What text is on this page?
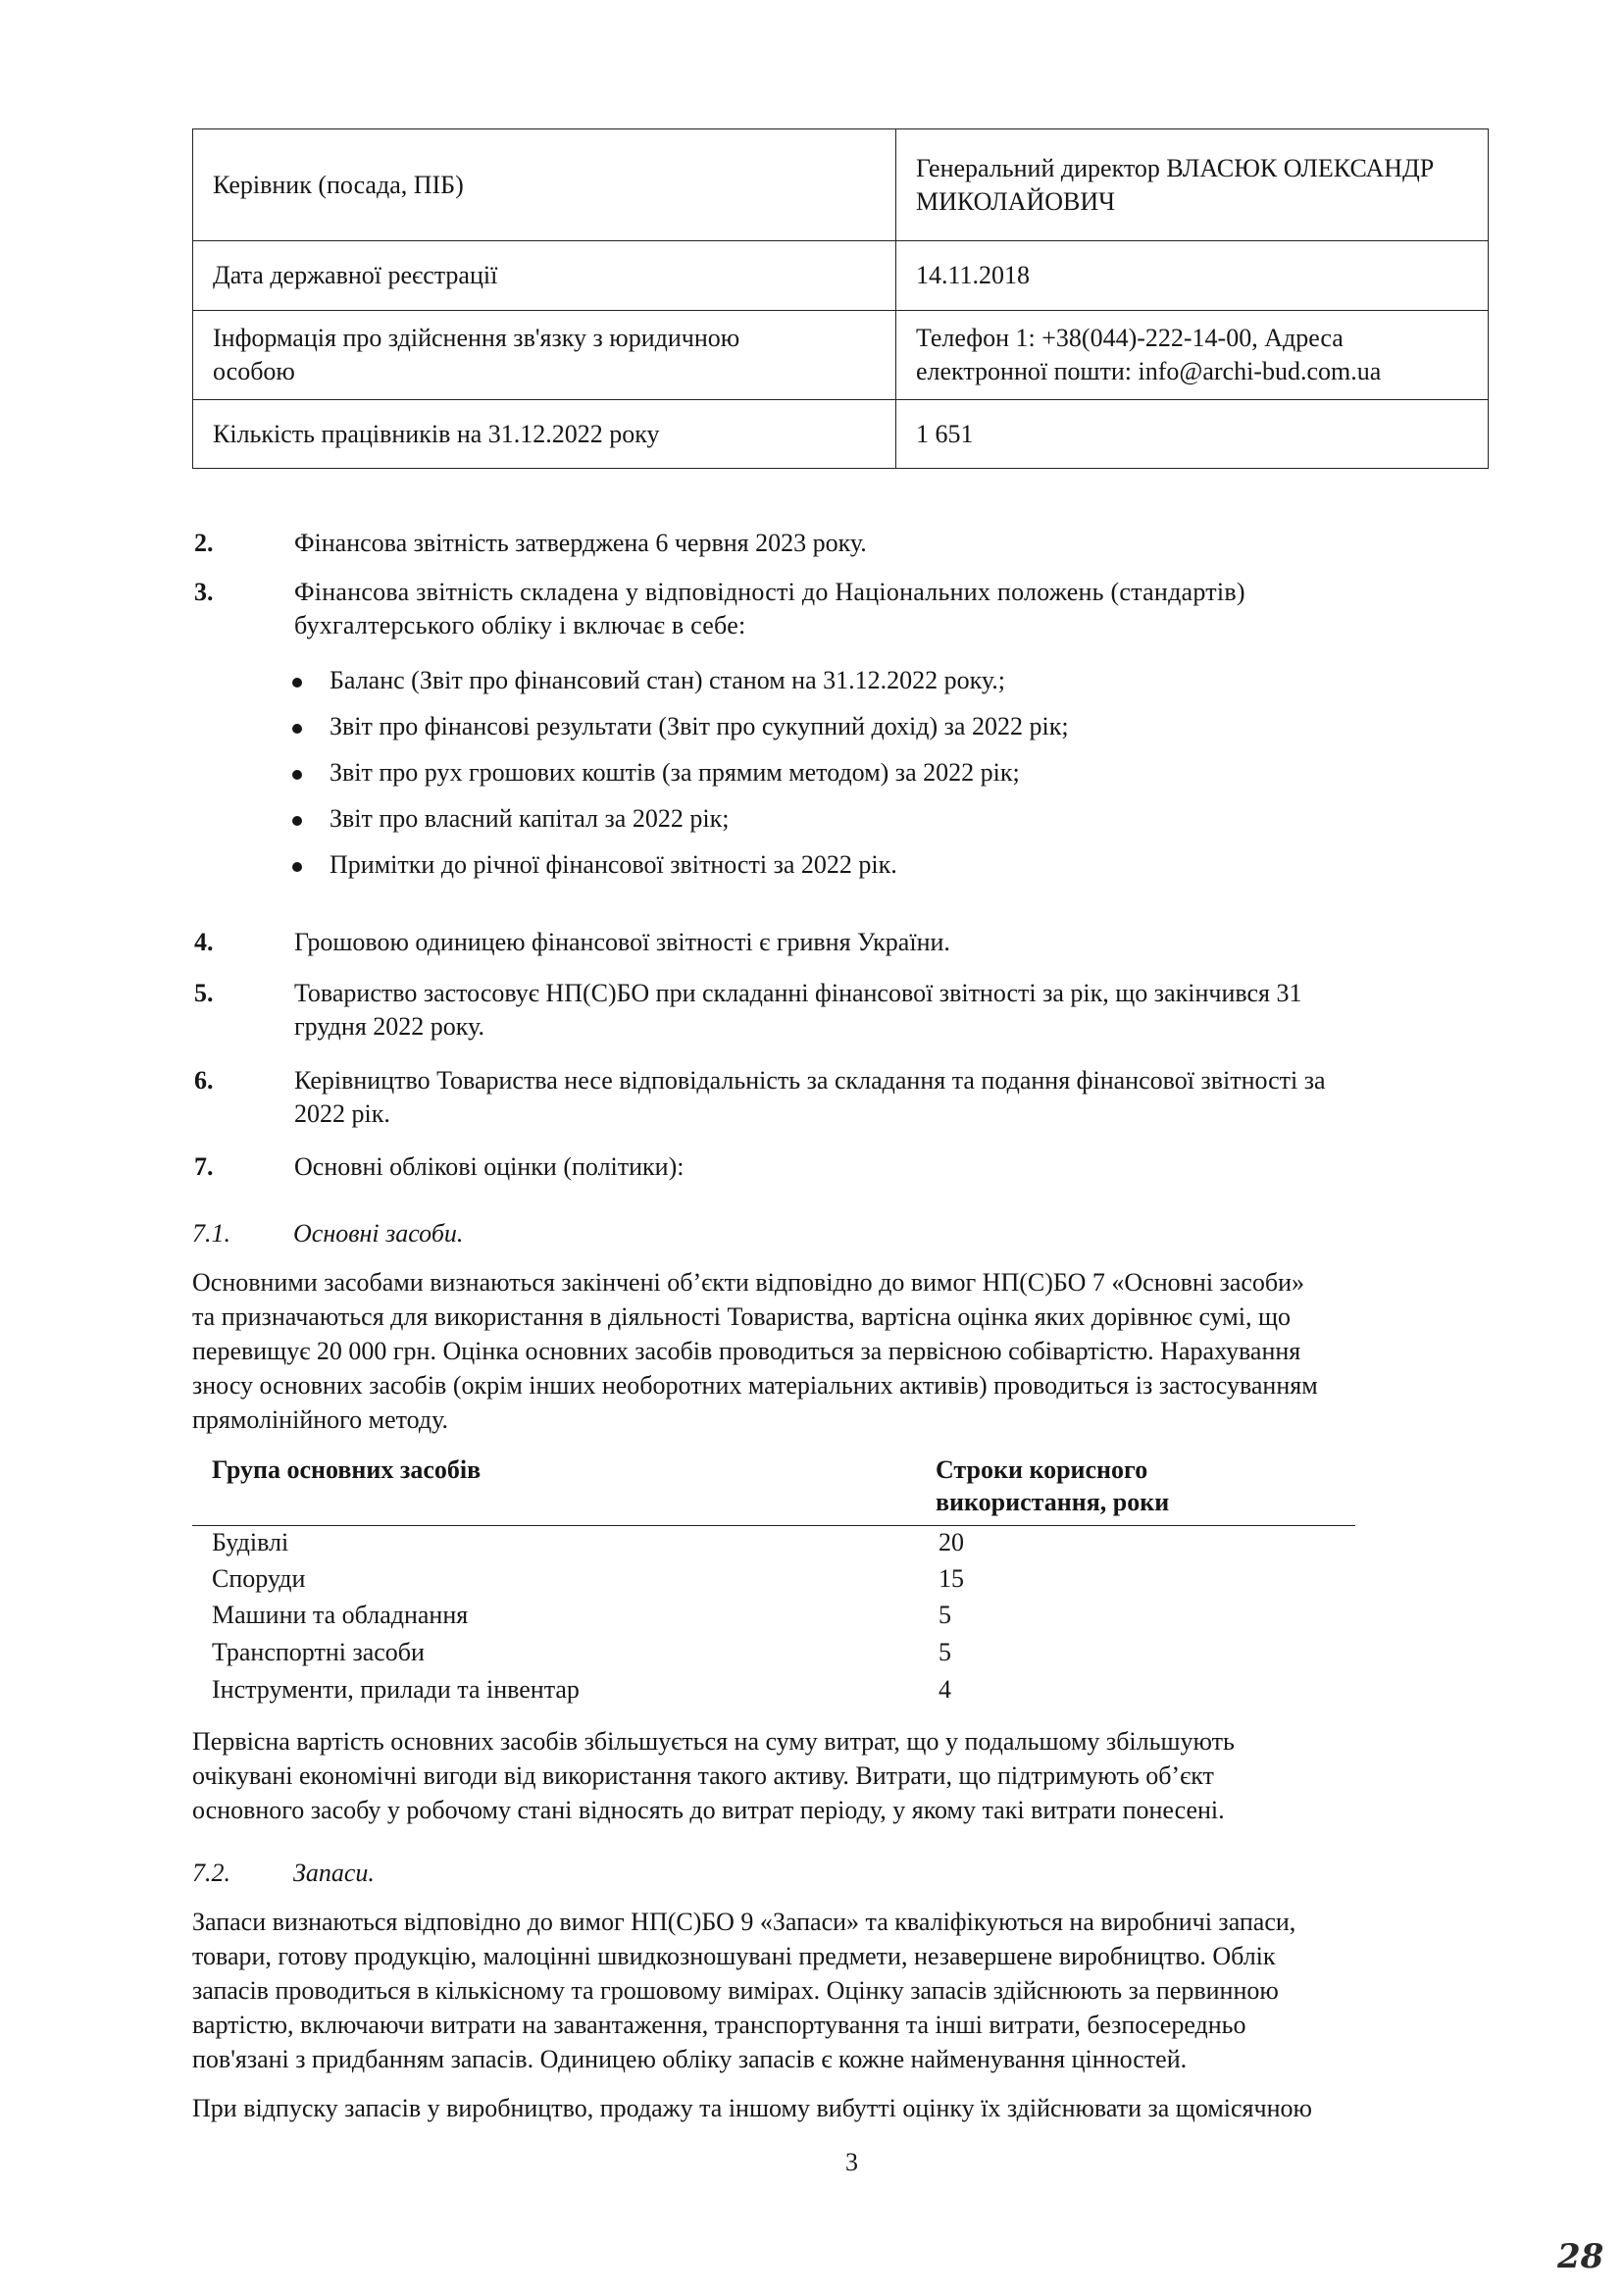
Керівник (посада, ПІБ)	Генеральний директор ВЛАСЮК ОЛЕКСАНДР
МИКОЛАЙОВИЧ
Дата державної реєстрації	14.11.2018
Інформація про здійснення зв'язку з юридичною
особою	Телефон 1: +38(044)-222-14-00, Адреса
електронної пошти: info@archi-bud.com.ua
Кількість працівників на 31.12.2022 року	1 651
2.	Фінансова звітність затверджена 6 червня 2023 року.
3.	Фінансова звітність складена у відповідності до Національних положень (стандартів)
бухгалтерського обліку і включає в себе:
Баланс (Звіт про фінансовий стан) станом на 31.12.2022 року.;
Звіт про фінансові результати (Звіт про сукупний дохід) за 2022 рік;
Звіт про рух грошових коштів (за прямим методом) за 2022 рік;
Звіт про власний капітал за 2022 рік;
Примітки до річної фінансової звітності за 2022 рік.
4.	Грошовою одиницею фінансової звітності є гривня України.
5.	Товариство застосовує НП(С)БО при складанні фінансової звітності за рік, що закінчився 31
грудня 2022 року.
6.	Керівництво Товариства несе відповідальність за складання та подання фінансової звітності за
2022 рік.
7.	Основні облікові оцінки (політики):
7.1. Основні засоби.
Основними засобами визнаються закінчені об’єкти відповідно до вимог НП(С)БО 7 «Основні засоби»
та призначаються для використання в діяльності Товариства, вартісна оцінка яких дорівнює сумі, що
перевищує 20 000 грн. Оцінка основних засобів проводиться за первісною собівартістю. Нарахування
зносу основних засобів (окрім інших необоротних матеріальних активів) проводиться із застосуванням
прямолінійного методу.
Група основних засобів	Строки корисного
використання, роки
Будівлі	20
Споруди	15
Машини та обладнання	5
Транспортні засоби	5
Інструменти, прилади та інвентар	4
Первісна вартість основних засобів збільшується на суму витрат, що у подальшому збільшують
очікувані економічні вигоди від використання такого активу. Витрати, що підтримують об’єкт
основного засобу у робочому стані відносять до витрат періоду, у якому такі витрати понесені.
7.2. Запаси.
Запаси визнаються відповідно до вимог НП(С)БО 9 «Запаси» та кваліфікуються на виробничі запаси,
товари, готову продукцію, малоцінні швидкозношувані предмети, незавершене виробництво. Облік
запасів проводиться в кількісному та грошовому вимірах. Оцінку запасів здійснюють за первинною
вартістю, включаючи витрати на завантаження, транспортування та інші витрати, безпосередньо
пов'язані з придбанням запасів. Одиницею обліку запасів є кожне найменування цінностей.
При відпуску запасів у виробництво, продажу та іншому вибутті оцінку їх здійснювати за щомісячною
3
28
